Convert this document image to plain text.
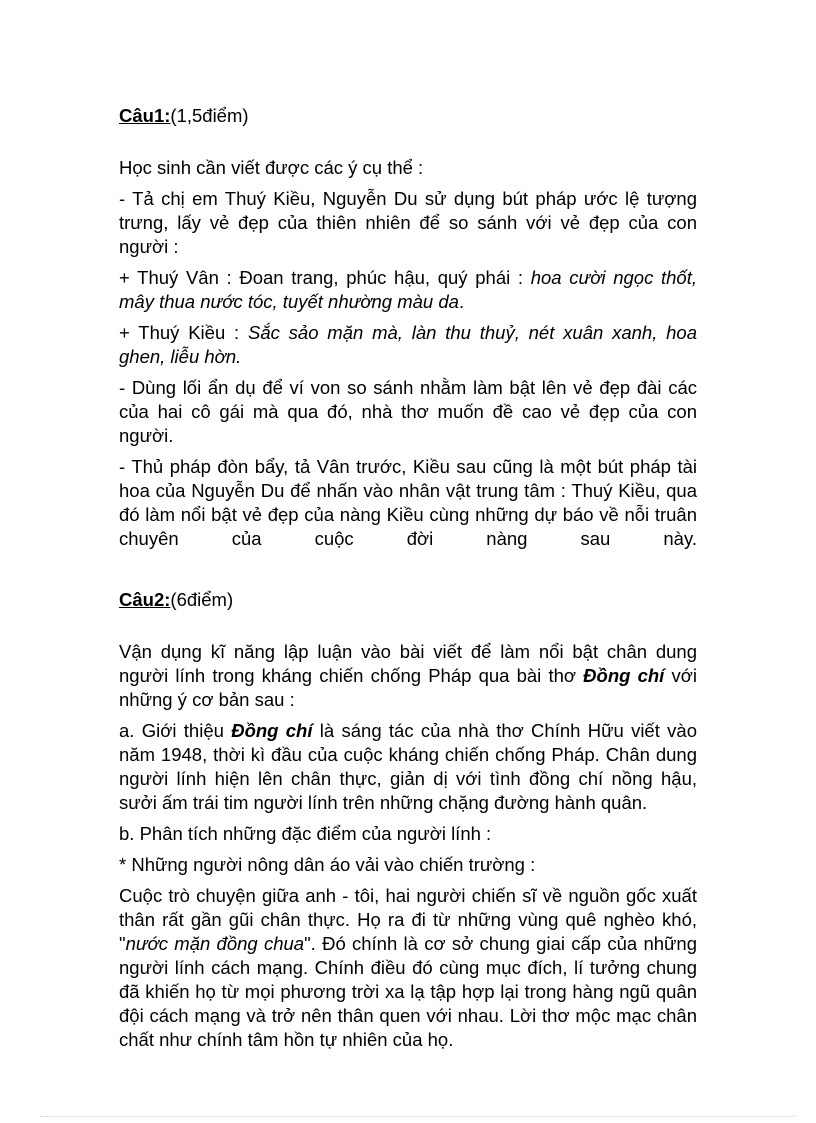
Câu1:(1,5điểm)

Học sinh cần viết được các ý cụ thể :

- Tả chị em Thuý Kiều, Nguyễn Du sử dụng bút pháp ước lệ tượng trưng, lấy vẻ đẹp của thiên nhiên để so sánh với vẻ đẹp của con người :

+ Thuý Vân : Đoan trang, phúc hậu, quý phái : hoa cười ngọc thốt, mây thua nước tóc, tuyết nhường màu da.

+ Thuý Kiều : Sắc sảo mặn mà, làn thu thuỷ, nét xuân xanh, hoa ghen, liễu hờn.

- Dùng lối ẩn dụ để ví von so sánh nhằm làm bật lên vẻ đẹp đài các của hai cô gái mà qua đó, nhà thơ muốn đề cao vẻ đẹp của con người.

- Thủ pháp đòn bẩy, tả Vân trước, Kiều sau cũng là một bút pháp tài hoa của Nguyễn Du để nhấn vào nhân vật trung tâm : Thuý Kiều, qua đó làm nổi bật vẻ đẹp của nàng Kiều cùng những dự báo về nỗi truân chuyên của cuộc đời nàng sau này.

Câu2:(6điểm)

Vận dụng kĩ năng lập luận vào bài viết để làm nổi bật chân dung người lính trong kháng chiến chống Pháp qua bài thơ Đồng chí với những ý cơ bản sau :

a. Giới thiệu Đồng chí là sáng tác của nhà thơ Chính Hữu viết vào năm 1948, thời kì đầu của cuộc kháng chiến chống Pháp. Chân dung người lính hiện lên chân thực, giản dị với tình đồng chí nồng hậu, sưởi ấm trái tim người lính trên những chặng đường hành quân.

b. Phân tích những đặc điểm của người lính :

* Những người nông dân áo vải vào chiến trường :

Cuộc trò chuyện giữa anh - tôi, hai người chiến sĩ về nguồn gốc xuất thân rất gần gũi chân thực. Họ ra đi từ những vùng quê nghèo khó, "nước mặn đồng chua". Đó chính là cơ sở chung giai cấp của những người lính cách mạng. Chính điều đó cùng mục đích, lí tưởng chung đã khiến họ từ mọi phương trời xa lạ tập hợp lại trong hàng ngũ quân đội cách mạng và trở nên thân quen với nhau. Lời thơ mộc mạc chân chất như chính tâm hồn tự nhiên của họ.
